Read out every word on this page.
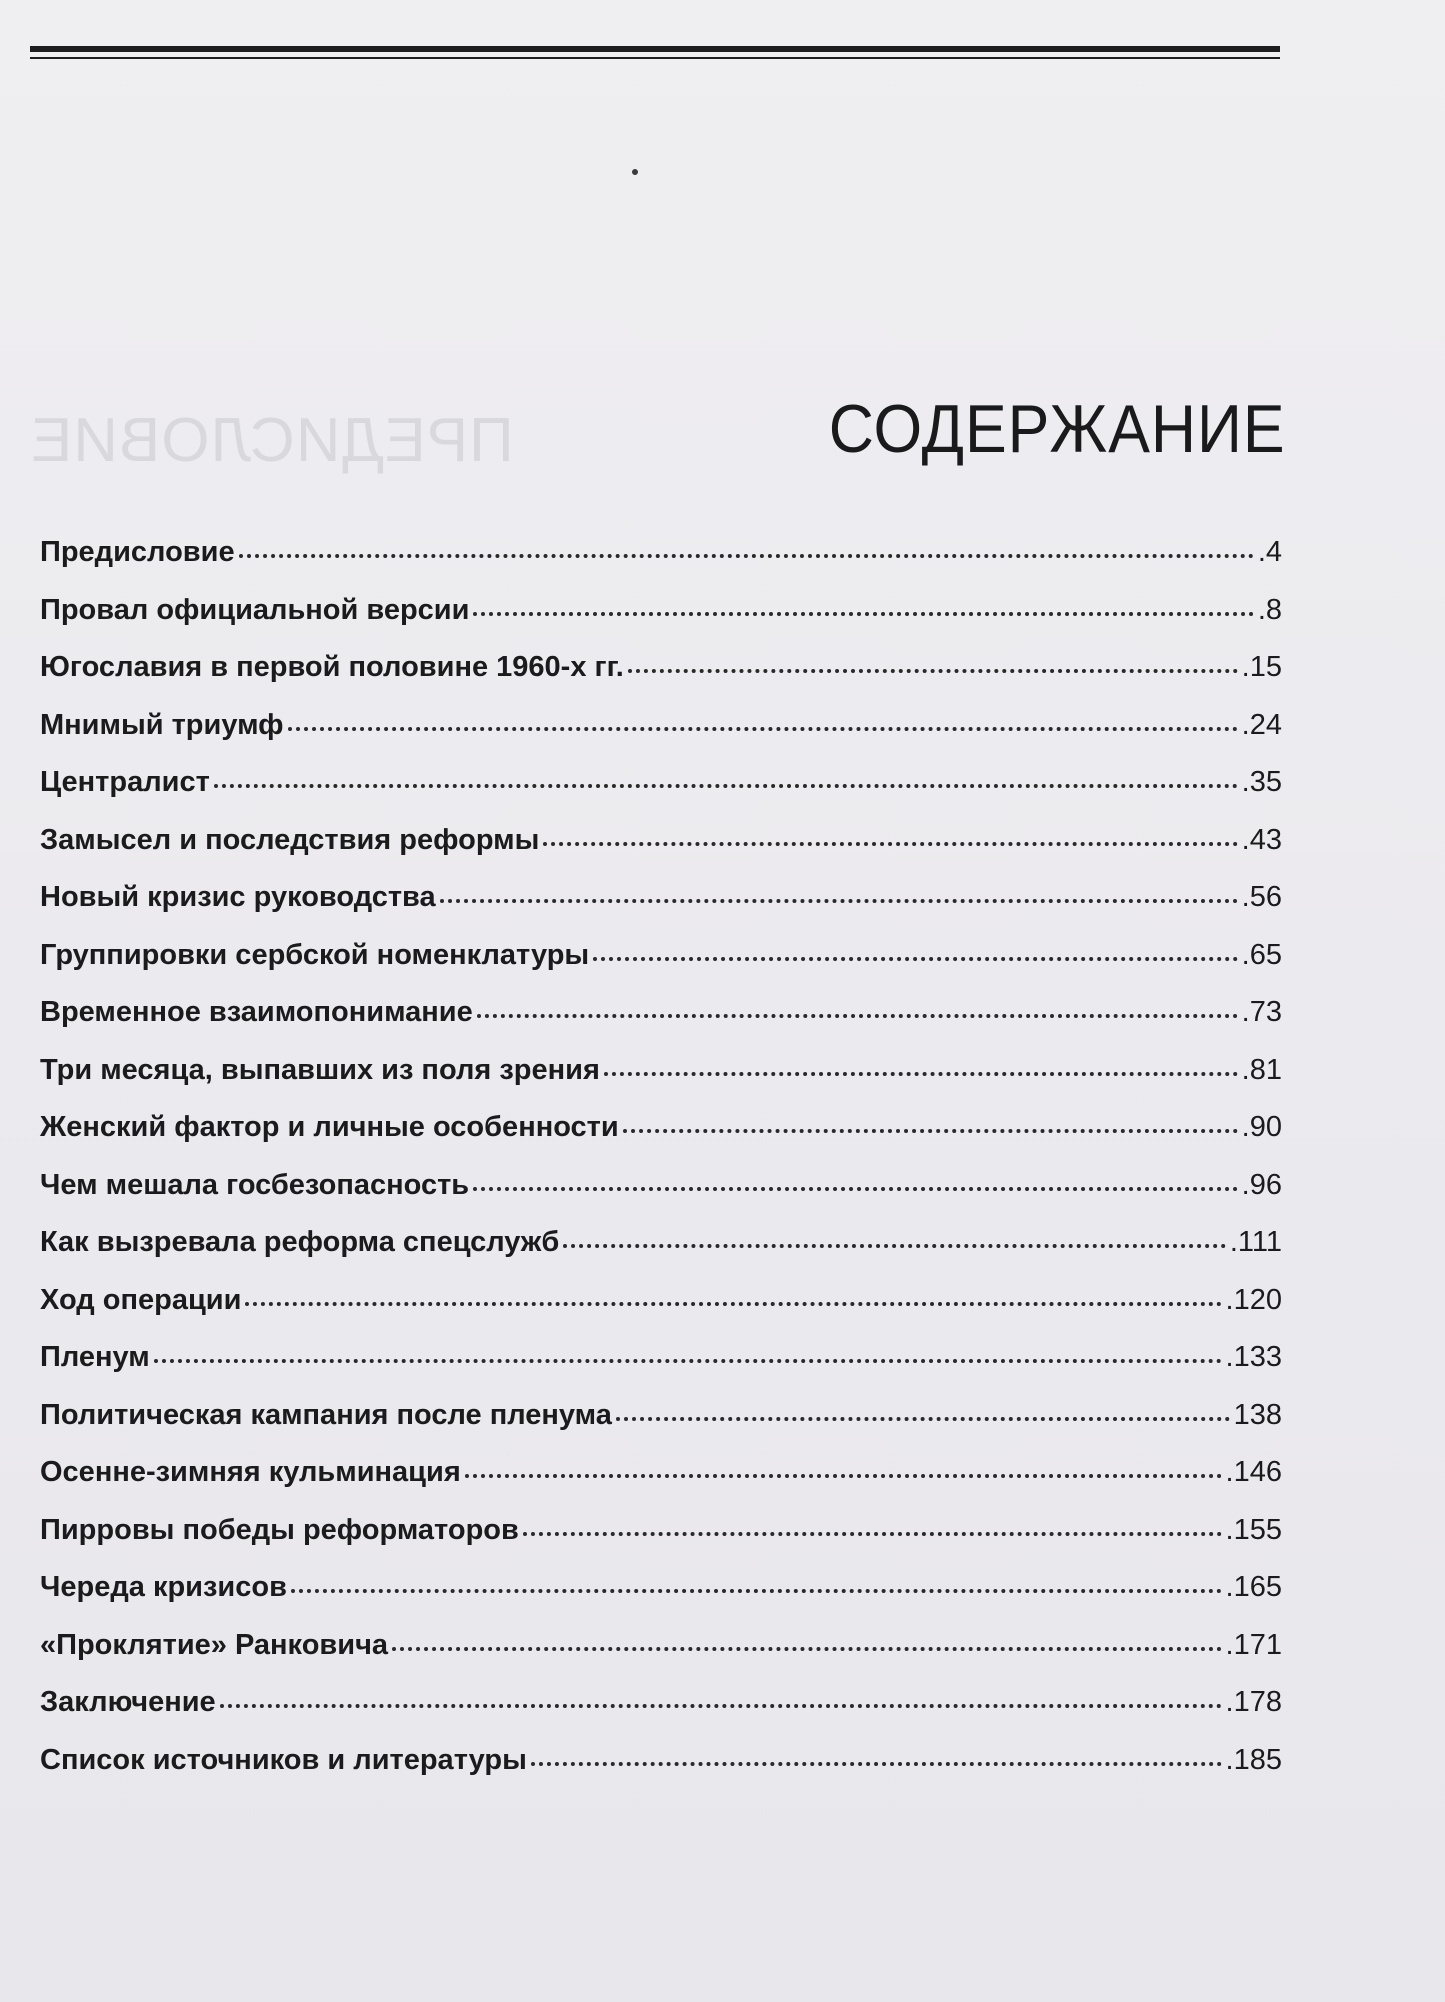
ПРЕДИСЛОВИЕ	СОДЕРЖАНИЕ
Предисловие	.4
Провал официальной версии	.8
Югославия в первой половине 1960-х гг.	.15
Мнимый триумф	.24
Централист	.35
Замысел и последствия реформы	.43
Новый кризис руководства	.56
Группировки сербской номенклатуры	.65
Временное взаимопонимание	.73
Три месяца, выпавших из поля зрения	.81
Женский фактор и личные особенности	.90
Чем мешала госбезопасность	.96
Как вызревала реформа спецслужб	.111
Ход операции	.120
Пленум	.133
Политическая кампания после пленума	138
Осенне-зимняя кульминация	.146
Пирровы победы реформаторов	.155
Череда кризисов	.165
«Проклятие» Ранковича	.171
Заключение	.178
Список источников и литературы	.185
